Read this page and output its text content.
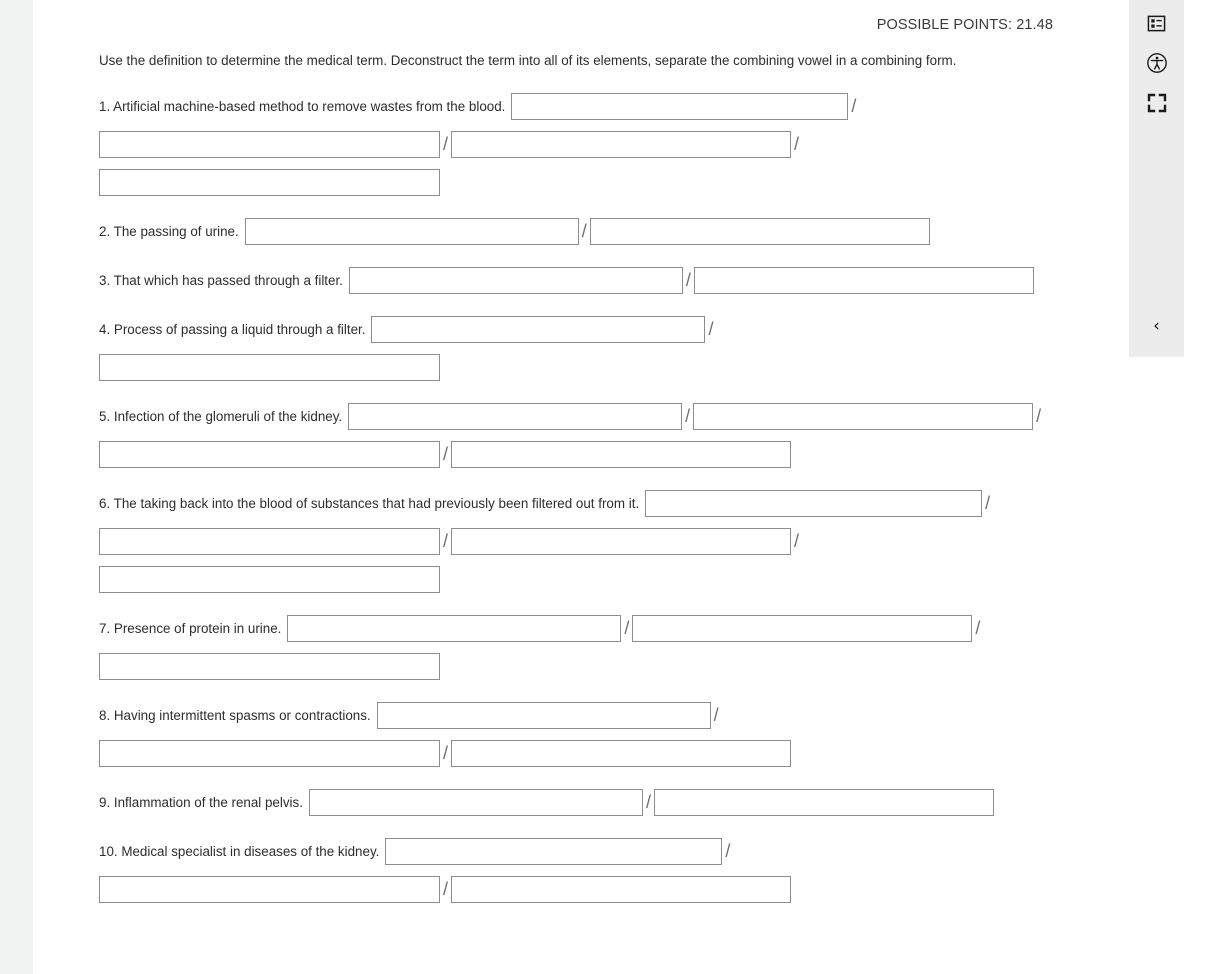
‹
POSSIBLE POINTS: 21.48
Use the definition to determine the medical term. Deconstruct the term into all of its elements, separate the combining vowel in a combining form.
1. Artificial machine-based method to remove wastes from the blood.	/
/	/
2. The passing of urine.	/
3. That which has passed through a filter.	/
4. Process of passing a liquid through a filter.	/
5. Infection of the glomeruli of the kidney.	/	/
/
6. The taking back into the blood of substances that had previously been filtered out from it.	/
/	/
7. Presence of protein in urine.	/	/
8. Having intermittent spasms or contractions.	/
/
9. Inflammation of the renal pelvis.	/
10. Medical specialist in diseases of the kidney.	/
/
